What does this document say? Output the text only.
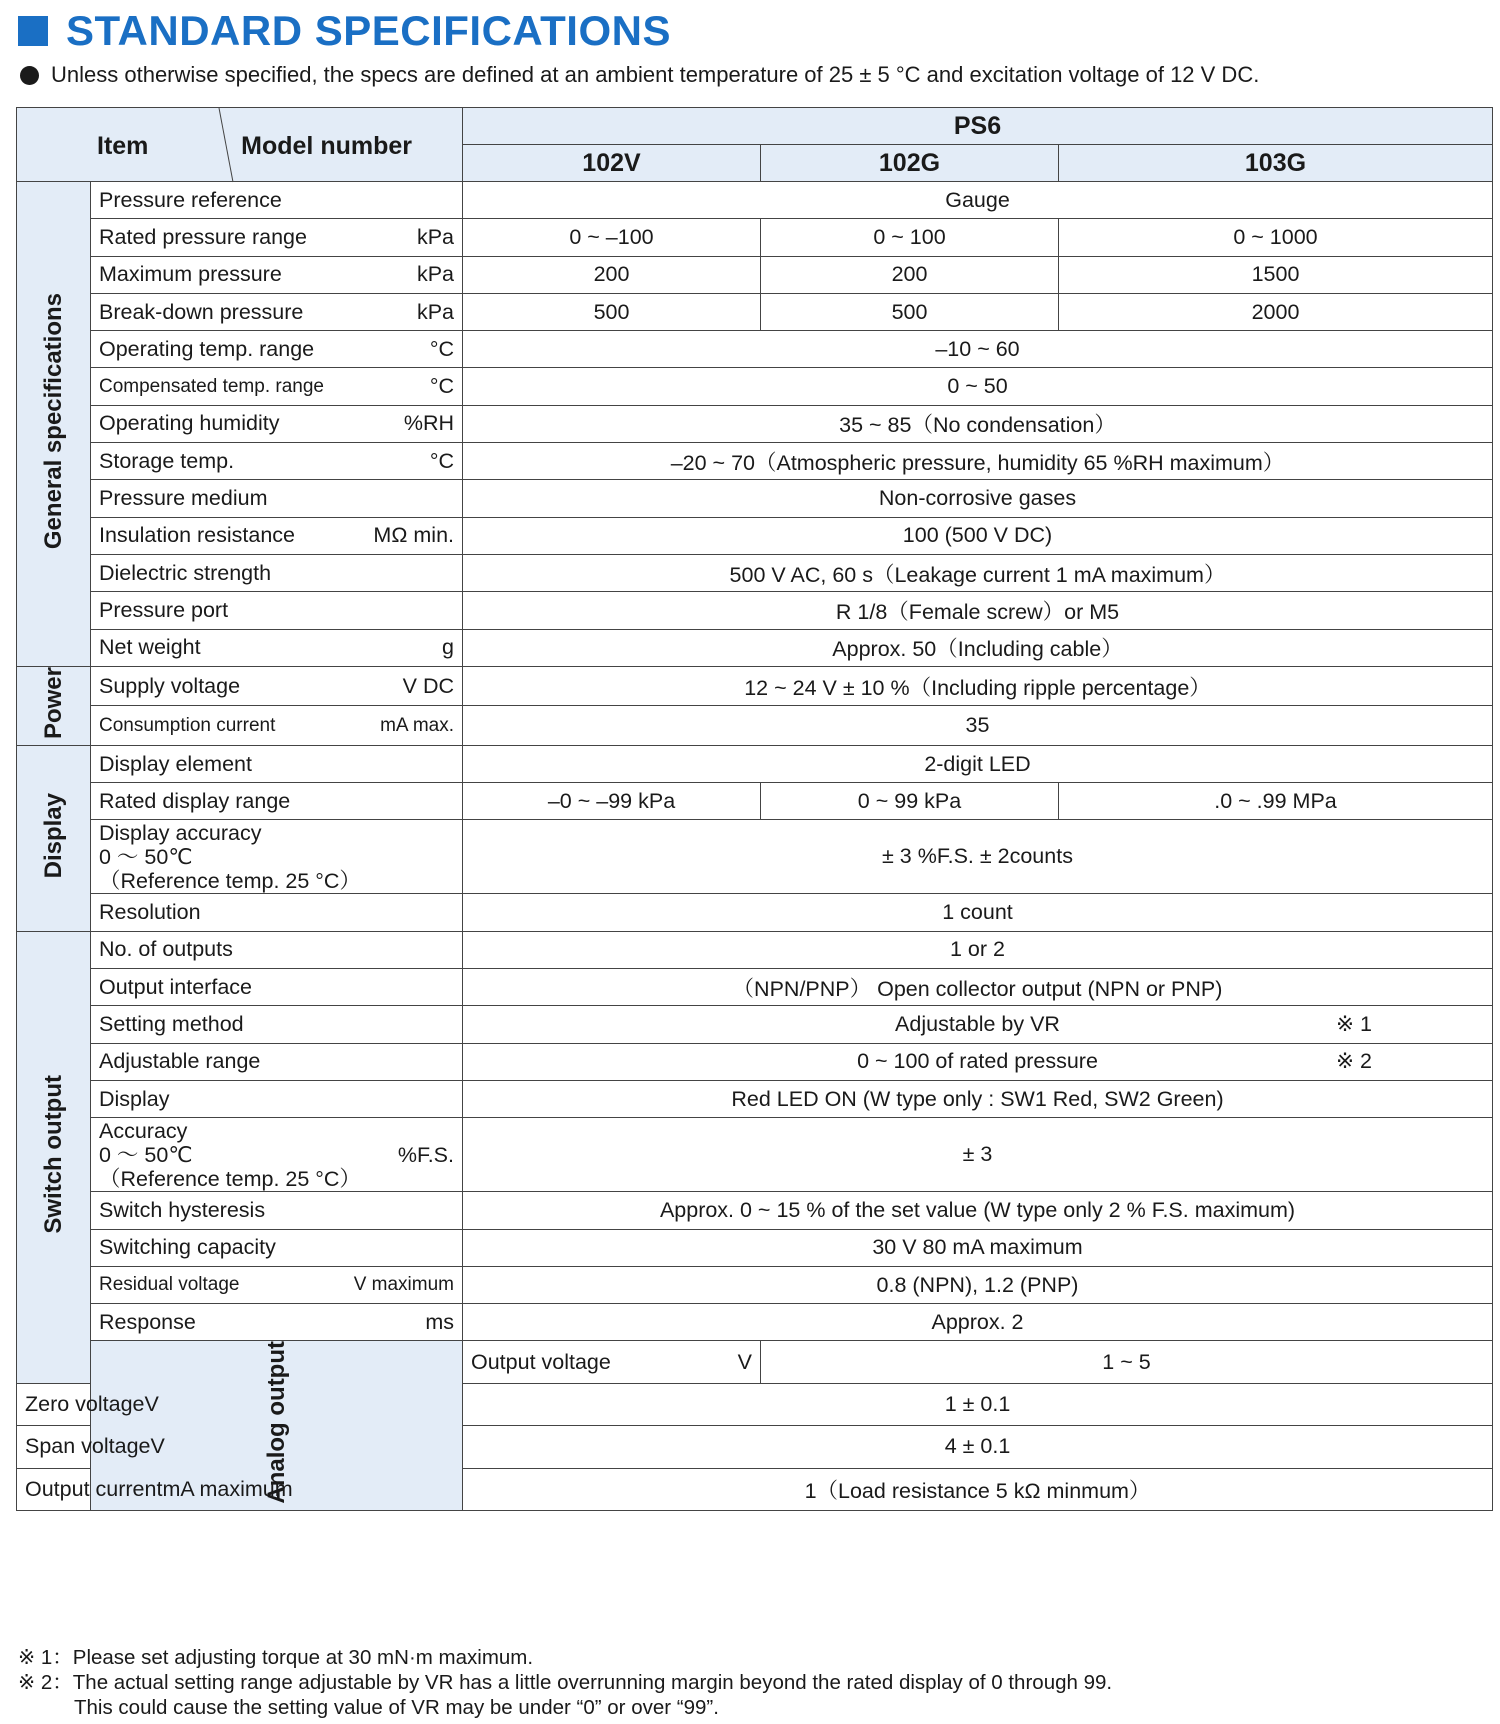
STANDARD SPECIFICATIONS
Unless otherwise specified, the specs are defined at an ambient temperature of 25 ± 5 °C and excitation voltage of 12 V DC.
Item Model number		PS6		
		102V	102G	103G
General specifications	Pressure reference	Gauge		

	Rated pressure range kPa	0 ~ –100	0 ~ 100	0 ~ 1000

	Maximum pressure kPa	200	200	1500

	Break-down pressure kPa	500	500	2000

	Operating temp. range °C	–10 ~ 60		

	Compensated temp. range °C	0 ~ 50		

	Operating humidity %RH	35 ~ 85（No condensation）		

	Storage temp. °C	–20 ~ 70（Atmospheric pressure, humidity 65 %RH maximum）		

	Pressure medium	Non-corrosive gases		

	Insulation resistance MΩ min.	100 (500 V DC)		

	Dielectric strength	500 V AC, 60 s（Leakage current 1 mA maximum）		

	Pressure port	R 1/8（Female screw）or M5		

	Net weight g	Approx. 50（Including cable）		
Power	Supply voltage V DC	12 ~ 24 V ± 10 %（Including ripple percentage）		

	Consumption current mA max.	35		
Display	Display element	2-digit LED		

	Rated display range	–0 ~ –99 kPa	0 ~ 99 kPa	.0 ~ .99 MPa

	Display accuracy
0 〜 50℃
（Reference temp. 25 °C）	± 3 %F.S. ± 2counts		

	Resolution	1 count		
Switch output	No. of outputs	1 or 2		

	Output interface	（NPN/PNP） Open collector output (NPN or PNP)		

	Setting method	Adjustable by VR ※ 1		

	Adjustable range	0 ~ 100 of rated pressure ※ 2		

	Display	Red LED ON (W type only : SW1 Red, SW2 Green)		

	Accuracy
0 〜 50℃ %F.S.
（Reference temp. 25 °C）	± 3		

	Switch hysteresis	Approx. 0 ~ 15 % of the set value (W type only 2 % F.S. maximum)		

	Switching capacity	30 V 80 mA maximum		

	Residual voltage V maximum	0.8 (NPN), 1.2 (PNP)		

	Response ms	Approx. 2		
	Analog output	Output voltage V	1 ~ 5	

Zero voltage V		1 ± 0.1		

Span voltage V		4 ± 0.1		

Output current mA maximum		1（Load resistance 5 kΩ minmum）		
※ 1：Please set adjusting torque at 30 mN·m maximum.
※ 2：The actual setting range adjustable by VR has a little overrunning margin beyond the rated display of 0 through 99.
This could cause the setting value of VR may be under “0” or over “99”.
